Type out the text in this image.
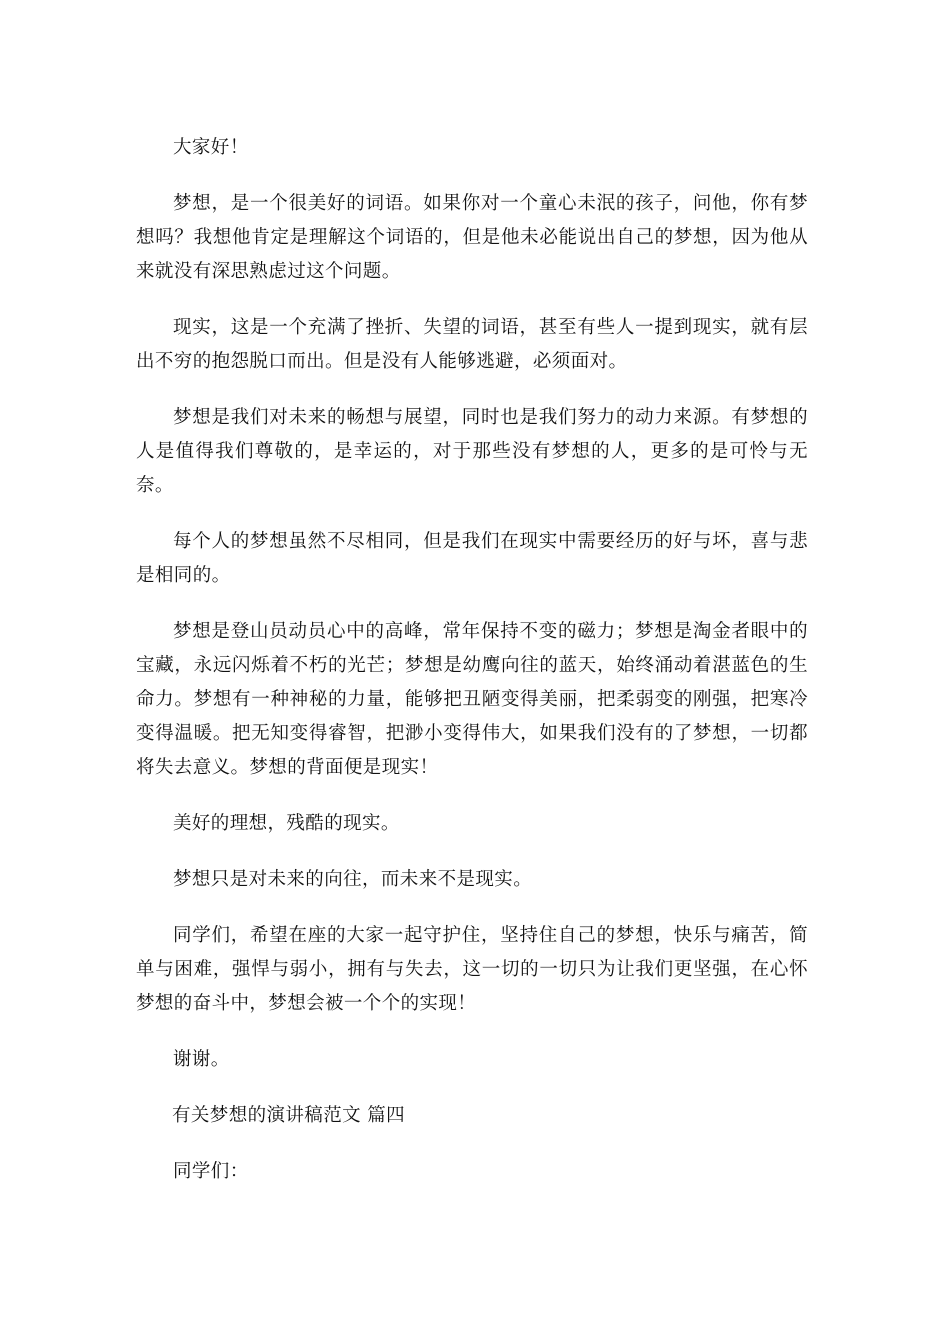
大家好！

梦想，是一个很美好的词语。如果你对一个童心未泯的孩子，问他，你有梦想吗？我想他肯定是理解这个词语的，但是他未必能说出自己的梦想，因为他从来就没有深思熟虑过这个问题。

现实，这是一个充满了挫折、失望的词语，甚至有些人一提到现实，就有层出不穷的抱怨脱口而出。但是没有人能够逃避，必须面对。

梦想是我们对未来的畅想与展望，同时也是我们努力的动力来源。有梦想的人是值得我们尊敬的，是幸运的，对于那些没有梦想的人，更多的是可怜与无奈。

每个人的梦想虽然不尽相同，但是我们在现实中需要经历的好与坏，喜与悲是相同的。

梦想是登山员动员心中的高峰，常年保持不变的磁力；梦想是淘金者眼中的宝藏，永远闪烁着不朽的光芒；梦想是幼鹰向往的蓝天，始终涌动着湛蓝色的生命力。梦想有一种神秘的力量，能够把丑陋变得美丽，把柔弱变的刚强，把寒冷变得温暖。把无知变得睿智，把渺小变得伟大，如果我们没有的了梦想，一切都将失去意义。梦想的背面便是现实！

美好的理想，残酷的现实。

梦想只是对未来的向往，而未来不是现实。

同学们，希望在座的大家一起守护住，坚持住自己的梦想，快乐与痛苦，简单与困难，强悍与弱小，拥有与失去，这一切的一切只为让我们更坚强，在心怀梦想的奋斗中，梦想会被一个个的实现！

谢谢。

有关梦想的演讲稿范文 篇四

同学们：
